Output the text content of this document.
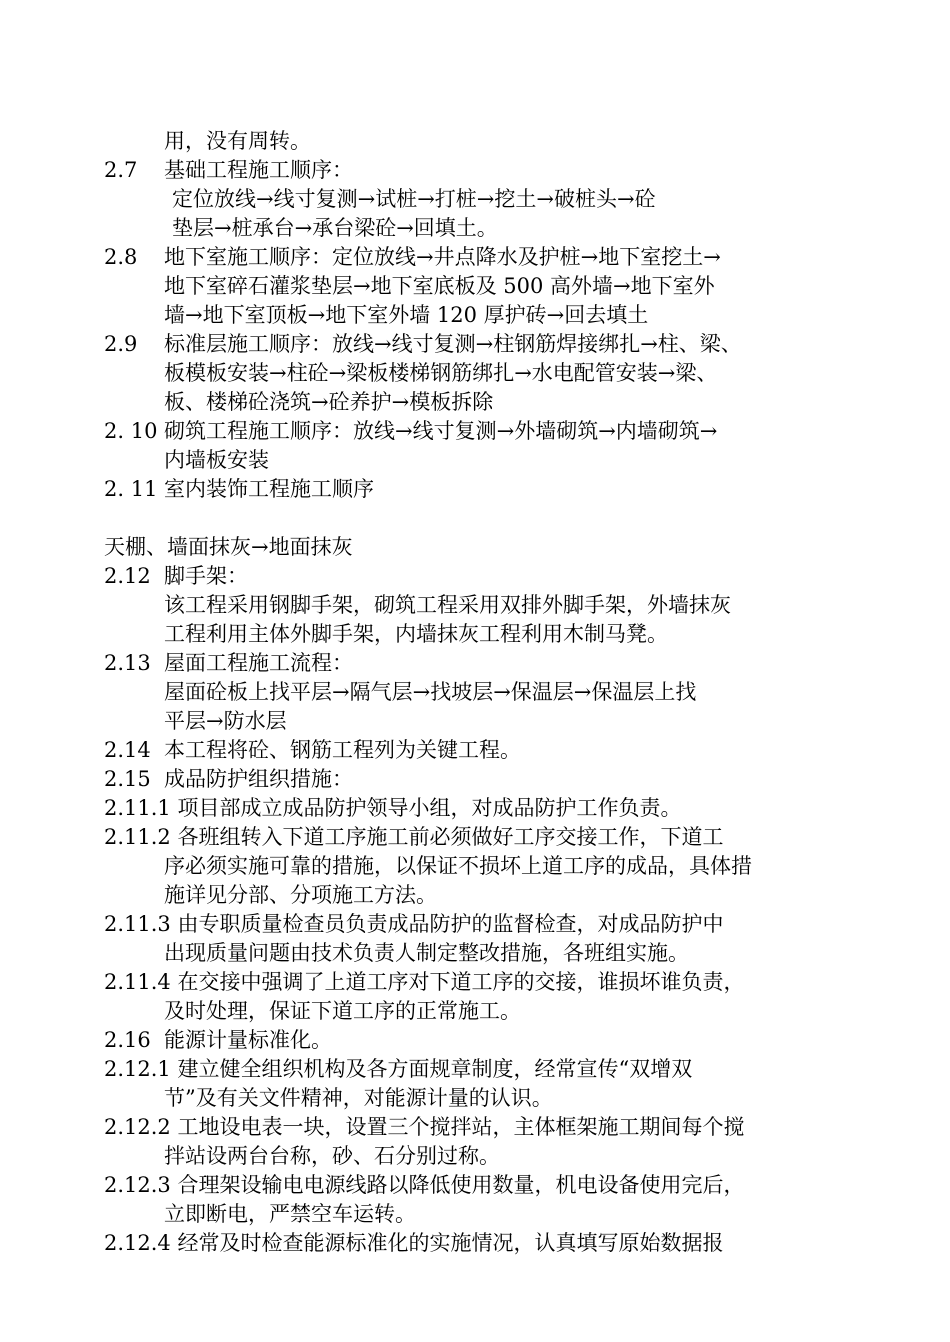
用，没有周转。
2.7 基础工程施工顺序：
定位放线→线寸复测→试桩→打桩→挖土→破桩头→砼
垫层→桩承台→承台梁砼→回填土。
2.8 地下室施工顺序：定位放线→井点降水及护桩→地下室挖土→
地下室碎石灌浆垫层→地下室底板及 500 高外墙→地下室外
墙→地下室顶板→地下室外墙 120 厚护砖→回去填土
2.9 标准层施工顺序：放线→线寸复测→柱钢筋焊接绑扎→柱、梁、
板模板安装→柱砼→梁板楼梯钢筋绑扎→水电配管安装→梁、
板、楼梯砼浇筑→砼养护→模板拆除
2. 10 砌筑工程施工顺序：放线→线寸复测→外墙砌筑→内墙砌筑→
内墙板安装
2. 11 室内装饰工程施工顺序
天棚、墙面抹灰→地面抹灰
2.12 脚手架：
该工程采用钢脚手架，砌筑工程采用双排外脚手架，外墙抹灰
工程利用主体外脚手架，内墙抹灰工程利用木制马凳。
2.13 屋面工程施工流程：
屋面砼板上找平层→隔气层→找坡层→保温层→保温层上找
平层→防水层
2.14 本工程将砼、钢筋工程列为关键工程。
2.15 成品防护组织措施：
2.11.1 项目部成立成品防护领导小组，对成品防护工作负责。
2.11.2 各班组转入下道工序施工前必须做好工序交接工作，下道工
序必须实施可靠的措施，以保证不损坏上道工序的成品，具体措
施详见分部、分项施工方法。
2.11.3 由专职质量检查员负责成品防护的监督检查，对成品防护中
出现质量问题由技术负责人制定整改措施，各班组实施。
2.11.4 在交接中强调了上道工序对下道工序的交接，谁损坏谁负责，
及时处理，保证下道工序的正常施工。
2.16 能源计量标准化。
2.12.1 建立健全组织机构及各方面规章制度，经常宣传“双增双
节”及有关文件精神，对能源计量的认识。
2.12.2 工地设电表一块，设置三个搅拌站，主体框架施工期间每个搅
拌站设两台台称，砂、石分别过称。
2.12.3 合理架设输电电源线路以降低使用数量，机电设备使用完后，
立即断电，严禁空车运转。
2.12.4 经常及时检查能源标准化的实施情况，认真填写原始数据报
